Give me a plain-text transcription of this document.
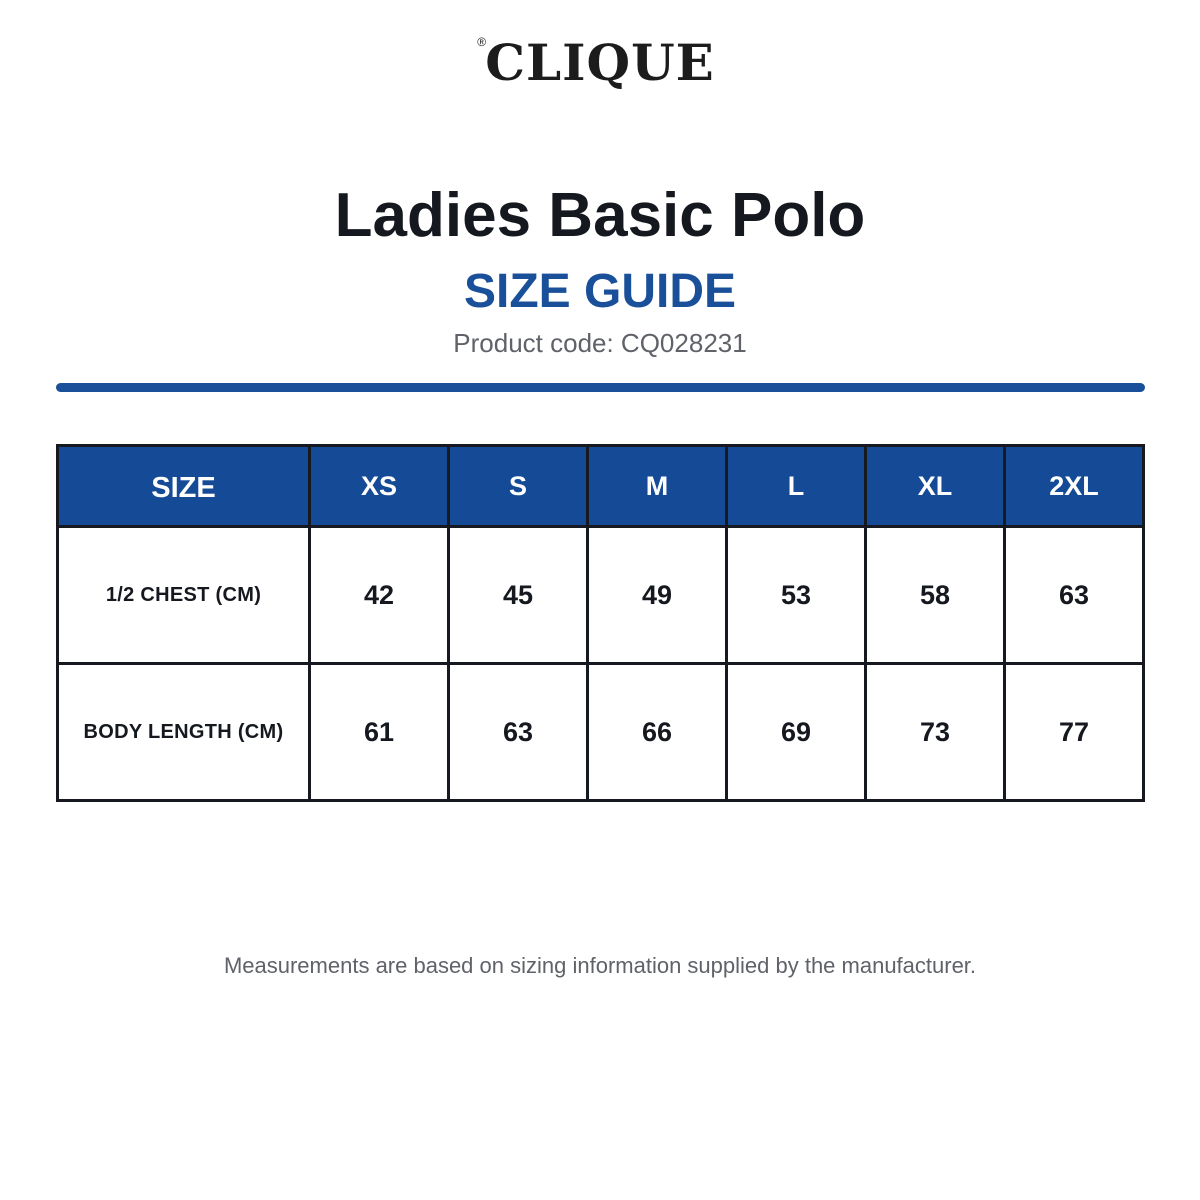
® CLIQUE
Ladies Basic Polo
SIZE GUIDE
Product code: CQ028231
SIZE	XS	S	M	L	XL	2XL
1/2 CHEST (CM)	42	45	49	53	58	63
BODY LENGTH (CM)	61	63	66	69	73	77
Measurements are based on sizing information supplied by the manufacturer.
